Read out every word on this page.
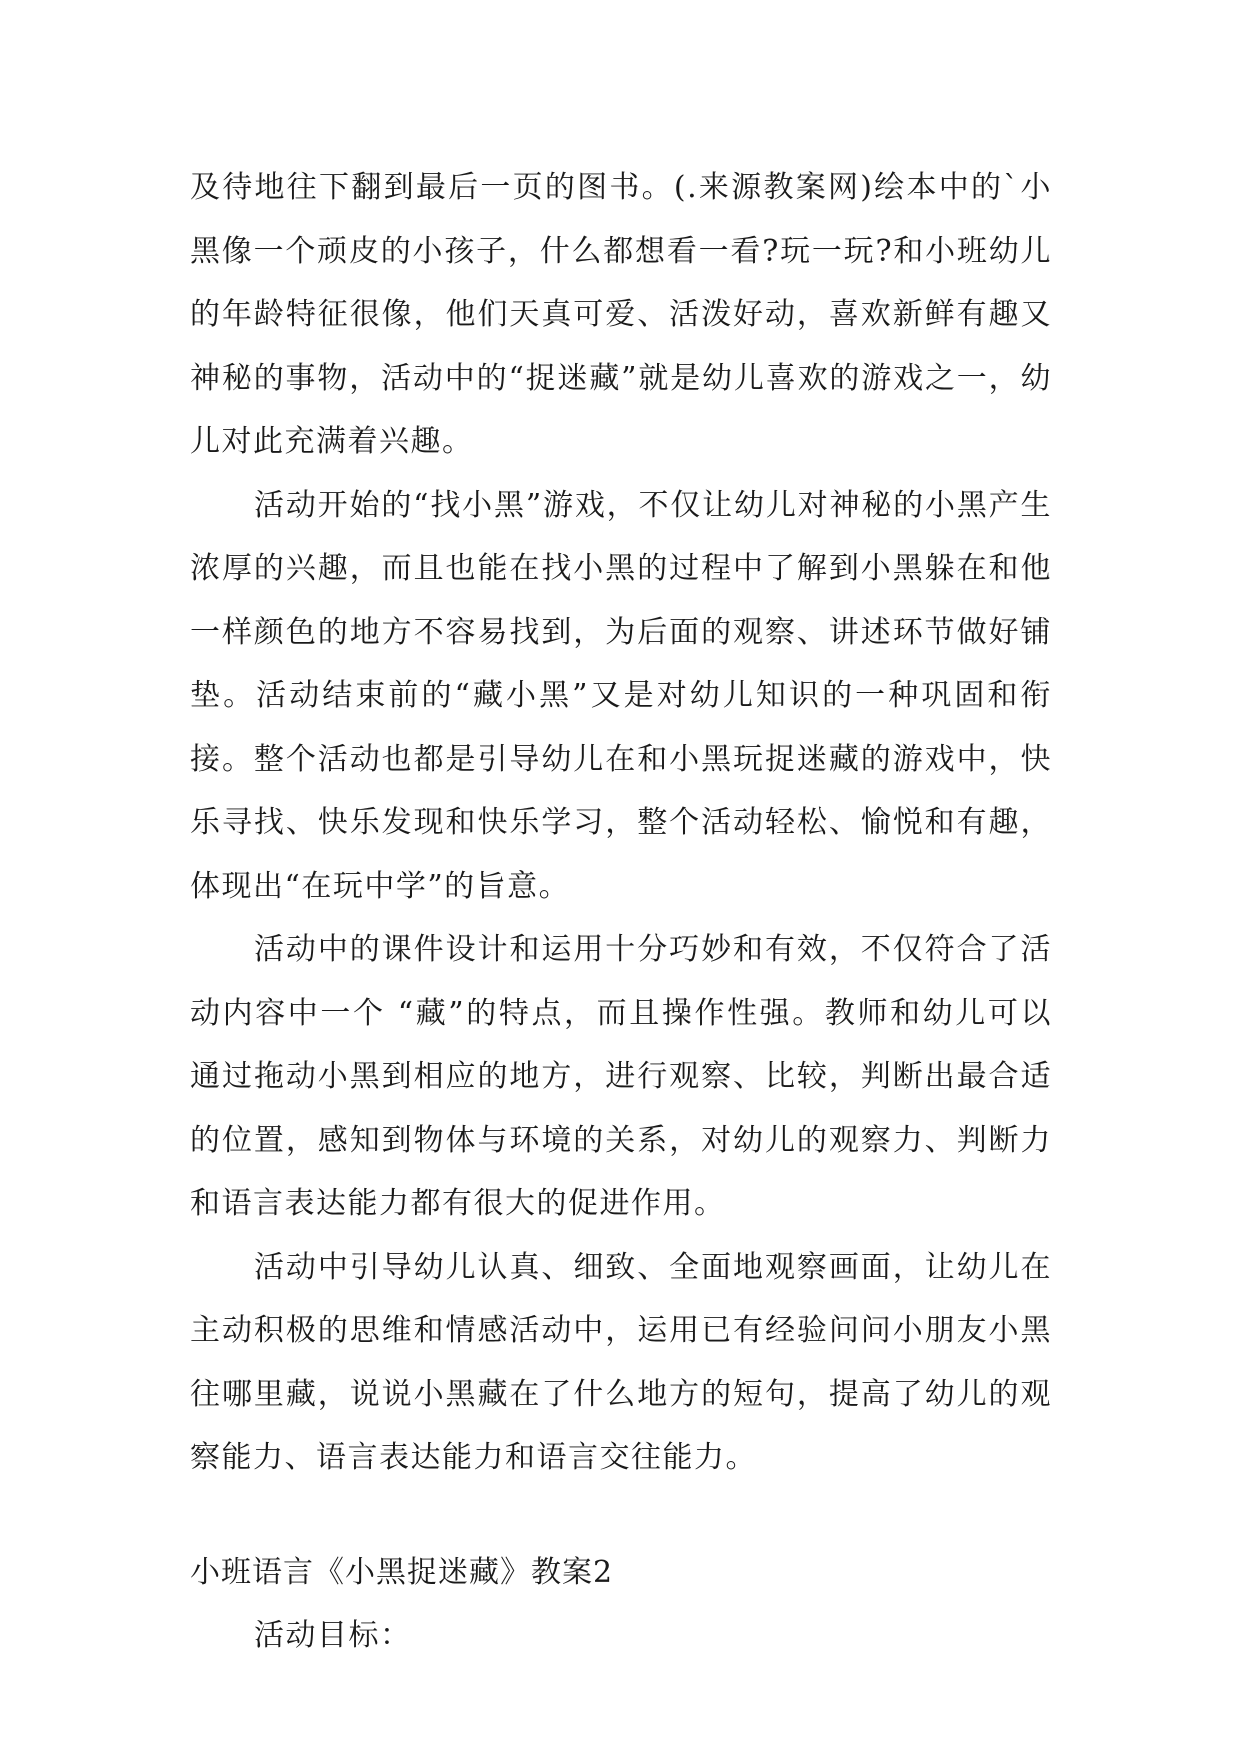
及待地往下翻到最后一页的图书。(.来源教案网)绘本中的`小黑像一个顽皮的小孩子，什么都想看一看?玩一玩?和小班幼儿的年龄特征很像，他们天真可爱、活泼好动，喜欢新鲜有趣又神秘的事物，活动中的“捉迷藏”就是幼儿喜欢的游戏之一，幼儿对此充满着兴趣。

活动开始的“找小黑”游戏，不仅让幼儿对神秘的小黑产生浓厚的兴趣，而且也能在找小黑的过程中了解到小黑躲在和他一样颜色的地方不容易找到，为后面的观察、讲述环节做好铺垫。活动结束前的“藏小黑”又是对幼儿知识的一种巩固和衔接。整个活动也都是引导幼儿在和小黑玩捉迷藏的游戏中，快乐寻找、快乐发现和快乐学习，整个活动轻松、愉悦和有趣，体现出“在玩中学”的旨意。

活动中的课件设计和运用十分巧妙和有效，不仅符合了活动内容中一个 “藏”的特点，而且操作性强。教师和幼儿可以通过拖动小黑到相应的地方，进行观察、比较，判断出最合适的位置，感知到物体与环境的关系，对幼儿的观察力、判断力和语言表达能力都有很大的促进作用。

活动中引导幼儿认真、细致、全面地观察画面，让幼儿在主动积极的思维和情感活动中，运用已有经验问问小朋友小黑往哪里藏，说说小黑藏在了什么地方的短句，提高了幼儿的观察能力、语言表达能力和语言交往能力。

小班语言《小黑捉迷藏》教案2

活动目标：
